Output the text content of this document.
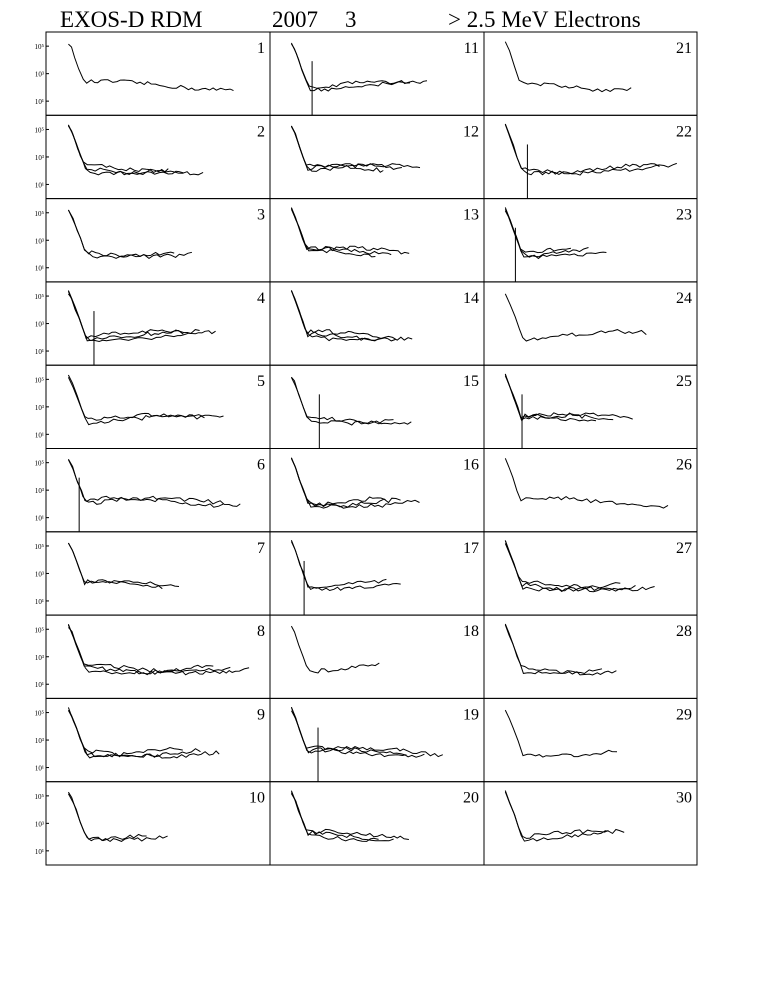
EXOS-D RDM	2007 3	> 2.5 MeV Electrons
1
10⁵
10³
10¹
2
10⁵
10³
10¹
3
10⁵
10³
10¹
4
10⁵
10³
10¹
5
10⁵
10³
10¹
6
10⁵
10³
10¹
7
10⁵
10³
10¹
8
10⁵
10³
10¹
9
10⁵
10³
10¹
10
10⁵
10³
10¹
11
12
13
14
15
16
17
18
19
20
21
22
23
24
25
26
27
28
29
30
